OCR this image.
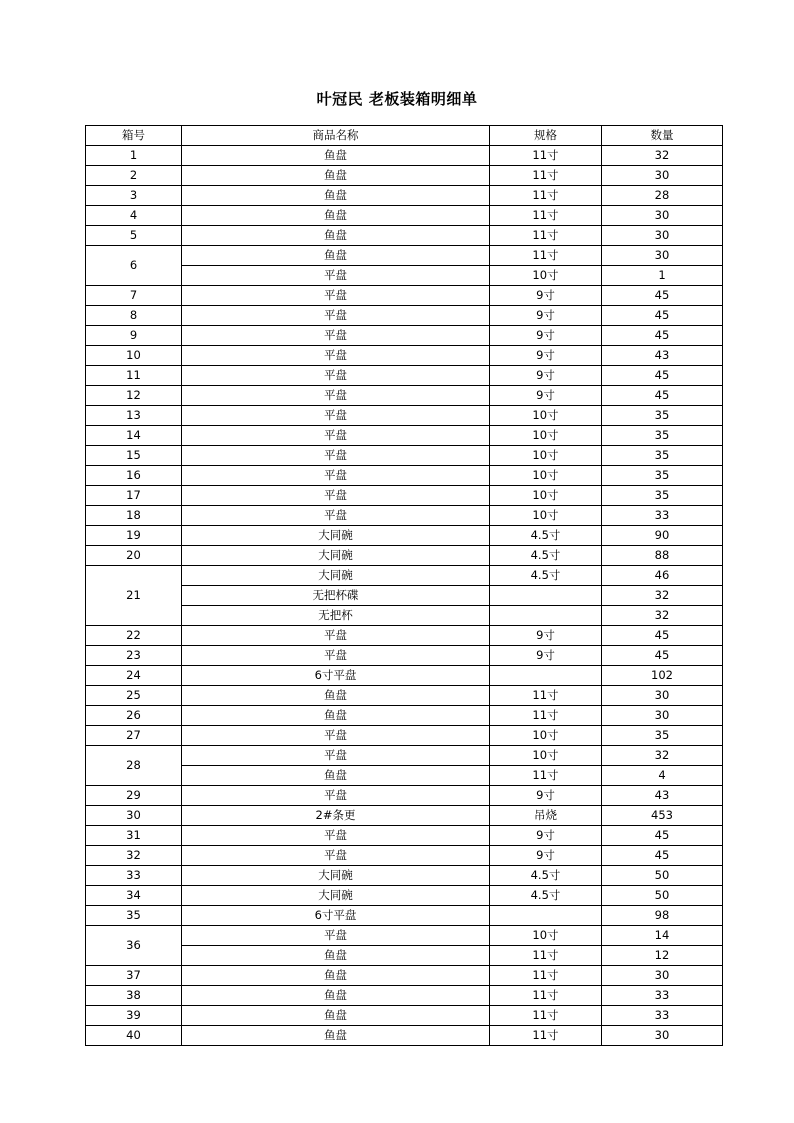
叶冠民 老板装箱明细单
箱号	商品名称	规格	数量
1	鱼盘	11寸	32
2	鱼盘	11寸	30
3	鱼盘	11寸	28
4	鱼盘	11寸	30
5	鱼盘	11寸	30
6	鱼盘	11寸	30
	平盘	10寸	1
7	平盘	9寸	45
8	平盘	9寸	45
9	平盘	9寸	45
10	平盘	9寸	43
11	平盘	9寸	45
12	平盘	9寸	45
13	平盘	10寸	35
14	平盘	10寸	35
15	平盘	10寸	35
16	平盘	10寸	35
17	平盘	10寸	35
18	平盘	10寸	33
19	大同碗	4.5寸	90
20	大同碗	4.5寸	88
21	大同碗	4.5寸	46
	无把杯碟		32
	无把杯		32
22	平盘	9寸	45
23	平盘	9寸	45
24	6寸平盘		102
25	鱼盘	11寸	30
26	鱼盘	11寸	30
27	平盘	10寸	35
28	平盘	10寸	32
	鱼盘	11寸	4
29	平盘	9寸	43
30	2#条更	吊烧	453
31	平盘	9寸	45
32	平盘	9寸	45
33	大同碗	4.5寸	50
34	大同碗	4.5寸	50
35	6寸平盘		98
36	平盘	10寸	14
	鱼盘	11寸	12
37	鱼盘	11寸	30
38	鱼盘	11寸	33
39	鱼盘	11寸	33
40	鱼盘	11寸	30
